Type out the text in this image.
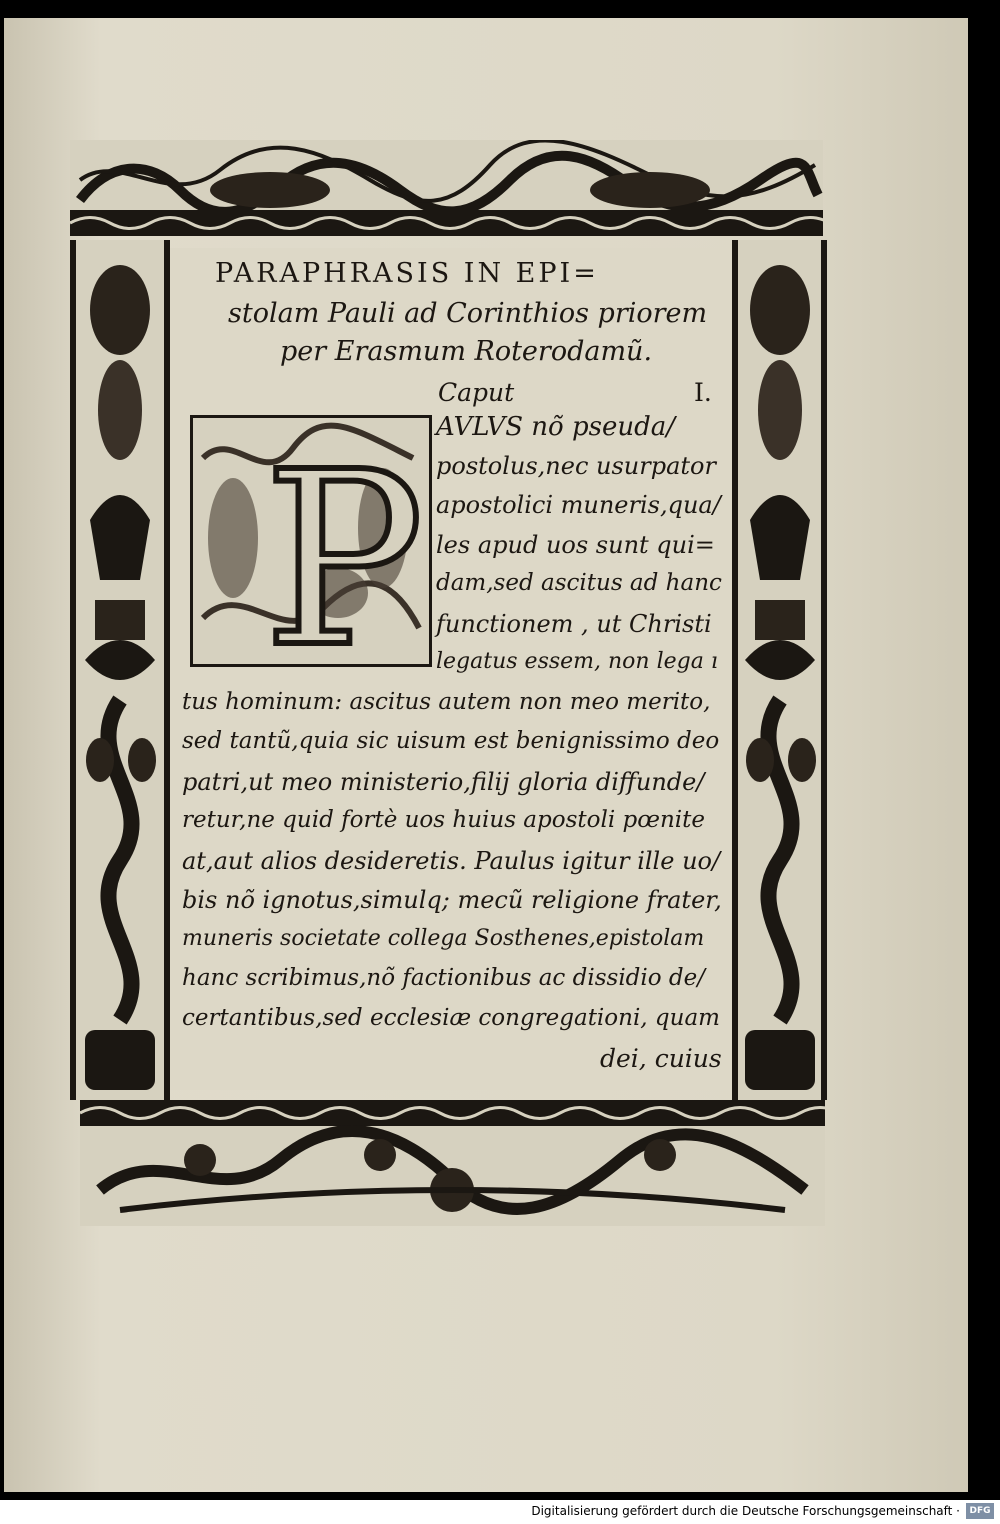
PARAPHRASIS IN EPI=
stolam Pauli ad Corinthios priorem
per Erasmum Roterodamũ.
Caput	I.
P AVLVS nõ pseuda/
postolus,nec usurpator
apostolici muneris,qua/
les apud uos sunt qui=
dam,sed ascitus ad hanc
functionem , ut Christi
legatus essem, non lega ı
tus hominum: ascitus autem non meo merito,
sed tantũ,quia sic uisum est benignissimo deo
patri,ut meo ministerio,filij gloria diffunde/
retur,ne quid fortè uos huius apostoli pœnite
at,aut alios desideretis. Paulus igitur ille uo/
bis nõ ignotus,simulq; mecũ religione frater,
muneris societate collega Sosthenes,epistolam
hanc scribimus,nõ factionibus ac dissidio de/
certantibus,sed ecclesiæ congregationi, quam
dei, cuius
Digitalisierung gefördert durch die Deutsche Forschungsgemeinschaft ·	DFG
